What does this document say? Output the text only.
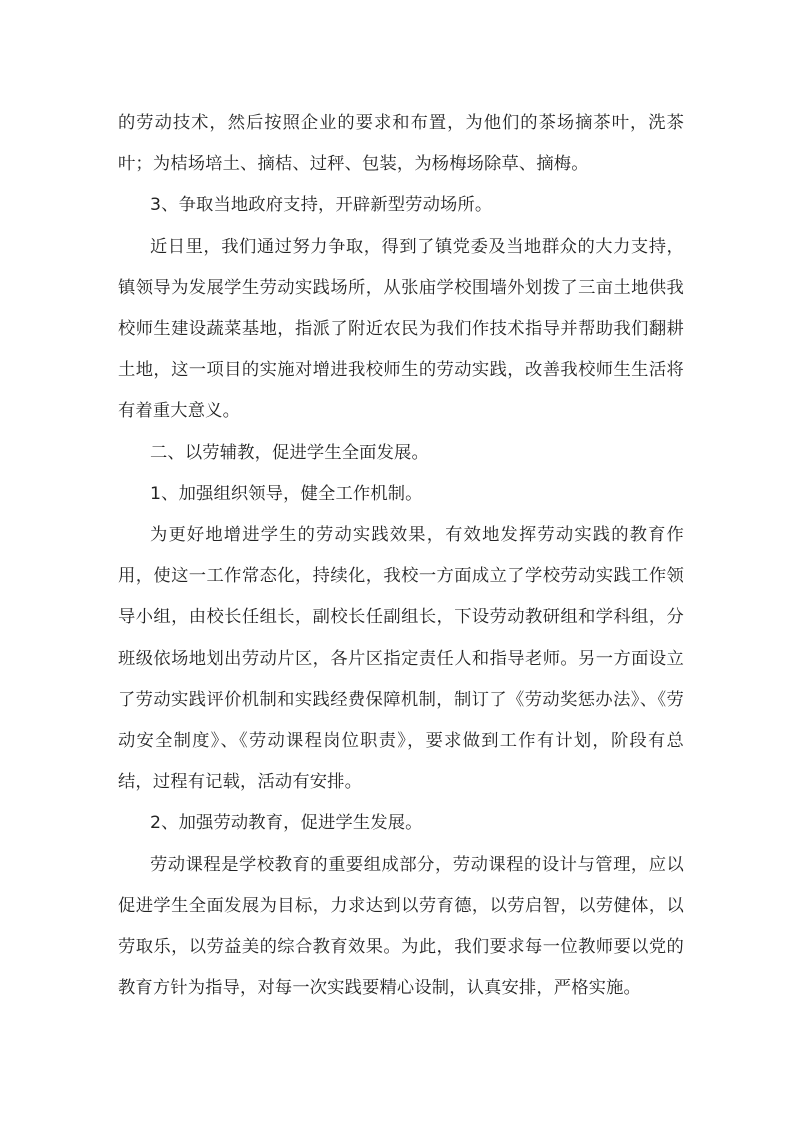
的劳动技术，然后按照企业的要求和布置，为他们的茶场摘茶叶，洗茶叶；为桔场培土、摘桔、过秤、包装，为杨梅场除草、摘梅。

3、争取当地政府支持，开辟新型劳动场所。

近日里，我们通过努力争取，得到了镇党委及当地群众的大力支持，镇领导为发展学生劳动实践场所，从张庙学校围墙外划拨了三亩土地供我校师生建设蔬菜基地，指派了附近农民为我们作技术指导并帮助我们翻耕土地，这一项目的实施对增进我校师生的劳动实践，改善我校师生生活将有着重大意义。

二、以劳辅教，促进学生全面发展。

1、加强组织领导，健全工作机制。

为更好地增进学生的劳动实践效果，有效地发挥劳动实践的教育作用，使这一工作常态化，持续化，我校一方面成立了学校劳动实践工作领导小组，由校长任组长，副校长任副组长，下设劳动教研组和学科组，分班级依场地划出劳动片区，各片区指定责任人和指导老师。另一方面设立了劳动实践评价机制和实践经费保障机制，制订了《劳动奖惩办法》、《劳动安全制度》、《劳动课程岗位职责》，要求做到工作有计划，阶段有总结，过程有记载，活动有安排。

2、加强劳动教育，促进学生发展。

劳动课程是学校教育的重要组成部分，劳动课程的设计与管理，应以促进学生全面发展为目标，力求达到以劳育德，以劳启智，以劳健体，以劳取乐，以劳益美的综合教育效果。为此，我们要求每一位教师要以党的教育方针为指导，对每一次实践要精心设制，认真安排，严格实施。
